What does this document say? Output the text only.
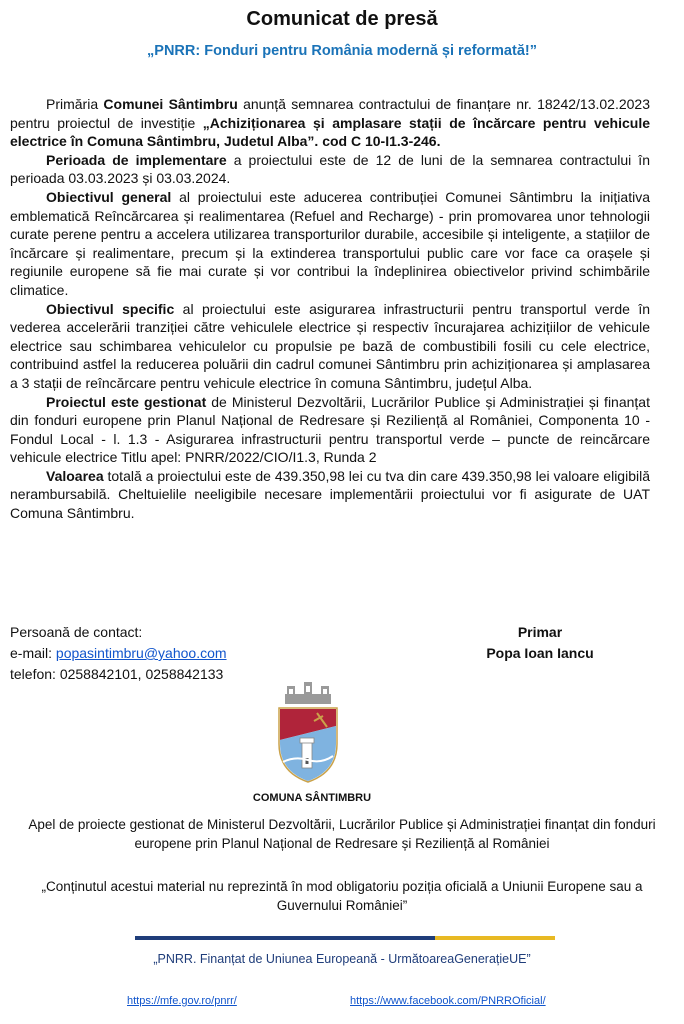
Comunicat de presă
„PNRR: Fonduri pentru România modernă și reformată!”

Primăria Comunei Sântimbru anunță semnarea contractului de finanțare nr. 18242/13.02.2023 pentru proiectul de investiție „Achiziționarea și amplasare stații de încărcare pentru vehicule electrice în Comuna Sântimbru, Judetul Alba”. cod C 10-I1.3-246.

Perioada de implementare a proiectului este de 12 de luni de la semnarea contractului în perioada 03.03.2023 și 03.03.2024.

Obiectivul general al proiectului este aducerea contribuției Comunei Sântimbru la inițiativa emblematică Reîncărcarea și realimentarea (Refuel and Recharge) - prin promovarea unor tehnologii curate perene pentru a accelera utilizarea transporturilor durabile, accesibile și inteligente, a stațiilor de încărcare și realimentare, precum și la extinderea transportului public care vor face ca orașele și regiunile europene să fie mai curate și vor contribui la îndeplinirea obiectivelor privind schimbările climatice.

Obiectivul specific al proiectului este asigurarea infrastructurii pentru transportul verde în vederea accelerării tranziției către vehiculele electrice și respectiv încurajarea achizițiilor de vehicule electrice sau schimbarea vehiculelor cu propulsie pe bază de combustibili fosili cu cele electrice, contribuind astfel la reducerea poluării din cadrul comunei Sântimbru prin achiziționarea și amplasarea a 3 stații de reîncărcare pentru vehicule electrice în comuna Sântimbru, județul Alba.

Proiectul este gestionat de Ministerul Dezvoltării, Lucrărilor Publice și Administrației și finanțat din fonduri europene prin Planul Național de Redresare și Reziliență al României, Componenta 10 - Fondul Local - l. 1.3 - Asigurarea infrastructurii pentru transportul verde – puncte de reincărcare vehicule electrice Titlu apel: PNRR/2022/CIO/I1.3, Runda 2

Valoarea totală a proiectului este de 439.350,98 lei cu tva din care 439.350,98 lei valoare eligibilă nerambursabilă. Cheltuielile neeligibile necesare implementării proiectului vor fi asigurate de UAT Comuna Sântimbru.

Persoană de contact:
e-mail: popasintimbru@yahoo.com
telefon: 0258842101, 0258842133
Primar
Popa Ioan Iancu
COMUNA SÂNTIMBRU
Apel de proiecte gestionat de Ministerul Dezvoltării, Lucrărilor Publice și Administrației finanțat din fonduri europene prin Planul Național de Redresare și Reziliență al României
„Conținutul acestui material nu reprezintă în mod obligatoriu poziția oficială a Uniunii Europene sau a Guvernului României”
„PNRR. Finanțat de Uniunea Europeană - UrmătoareaGenerațieUE”
https://mfe.gov.ro/pnrr/	https://www.facebook.com/PNRROficial/
